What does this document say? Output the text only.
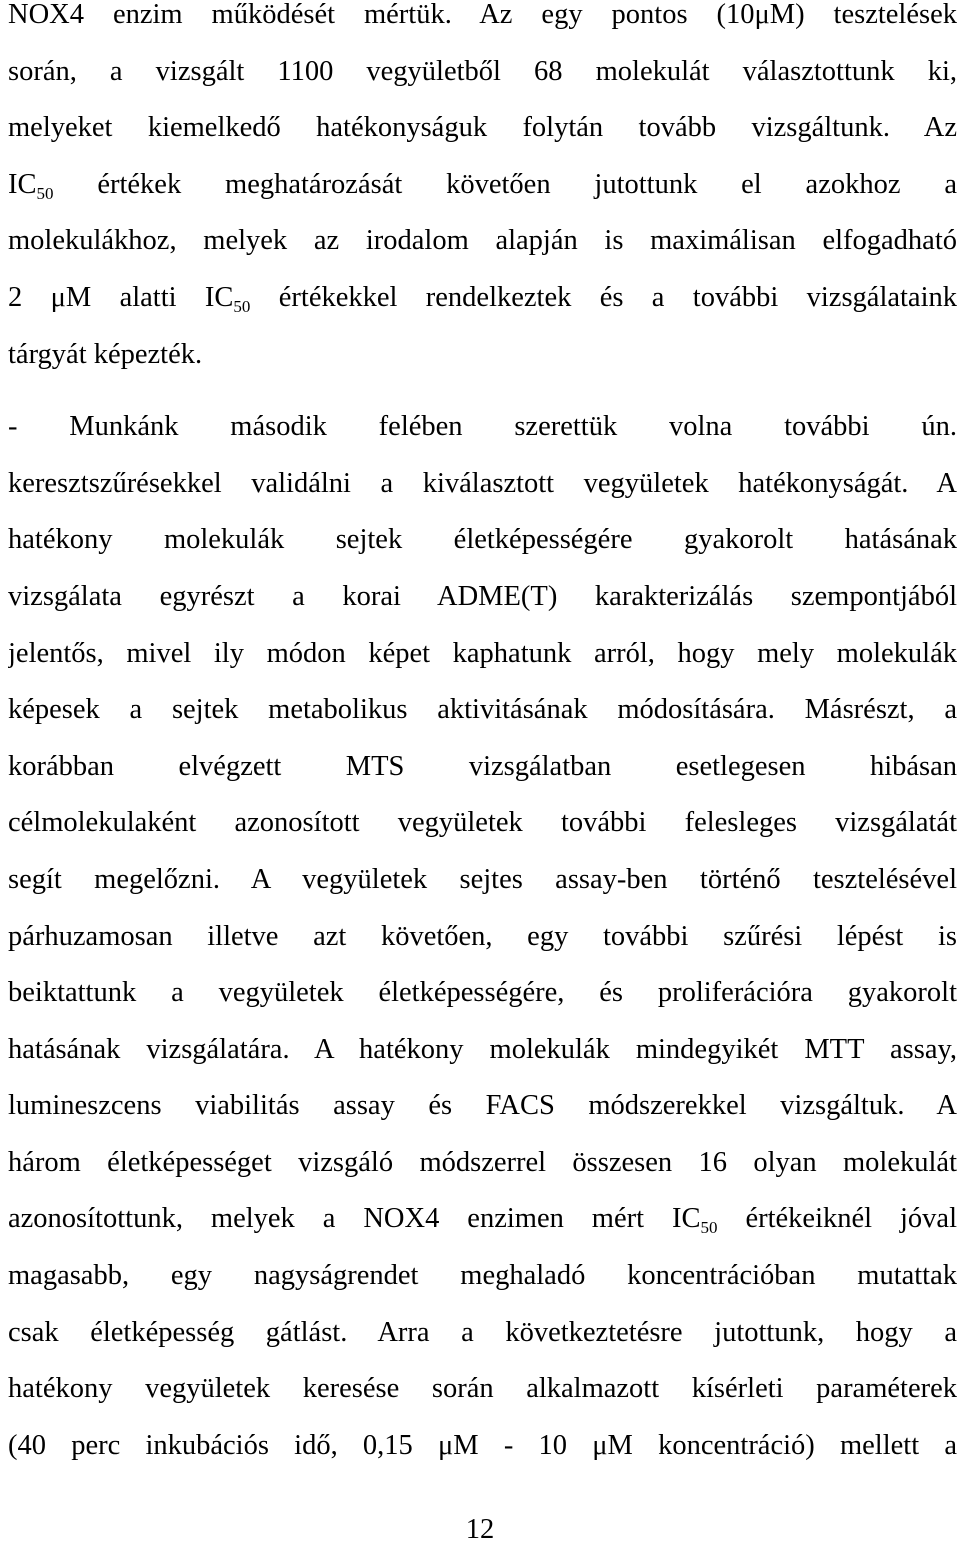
NOX4 enzim működését mértük. Az egy pontos (10μM) tesztelések
során, a vizsgált 1100 vegyületből 68 molekulát választottunk ki,
melyeket kiemelkedő hatékonyságuk folytán tovább vizsgáltunk. Az
$IC_{50}$ értékek meghatározását követően jutottunk el azokhoz a
molekulákhoz, melyek az irodalom alapján is maximálisan elfogadható
2 μM alatti $IC_{50}$ értékekkel rendelkeztek és a további vizsgálataink
tárgyát képezték.
- Munkánk második felében szerettük volna további ún.
keresztszűrésekkel validálni a kiválasztott vegyületek hatékonyságát. A
hatékony molekulák sejtek életképességére gyakorolt hatásának
vizsgálata egyrészt a korai ADME(T) karakterizálás szempontjából
jelentős, mivel ily módon képet kaphatunk arról, hogy mely molekulák
képesek a sejtek metabolikus aktivitásának módosítására. Másrészt, a
korábban elvégzett MTS vizsgálatban esetlegesen hibásan
célmolekulaként azonosított vegyületek további felesleges vizsgálatát
segít megelőzni. A vegyületek sejtes assay-ben történő tesztelésével
párhuzamosan illetve azt követően, egy további szűrési lépést is
beiktattunk a vegyületek életképességére, és proliferációra gyakorolt
hatásának vizsgálatára. A hatékony molekulák mindegyikét MTT assay,
lumineszcens viabilitás assay és FACS módszerekkel vizsgáltuk. A
három életképességet vizsgáló módszerrel összesen 16 olyan molekulát
azonosítottunk, melyek a NOX4 enzimen mért $IC_{50}$ értékeiknél jóval
magasabb, egy nagyságrendet meghaladó koncentrációban mutattak
csak életképesség gátlást. Arra a következtetésre jutottunk, hogy a
hatékony vegyületek keresése során alkalmazott kísérleti paraméterek
(40 perc inkubációs idő, 0,15 μM - 10 μM koncentráció) mellett a
12
